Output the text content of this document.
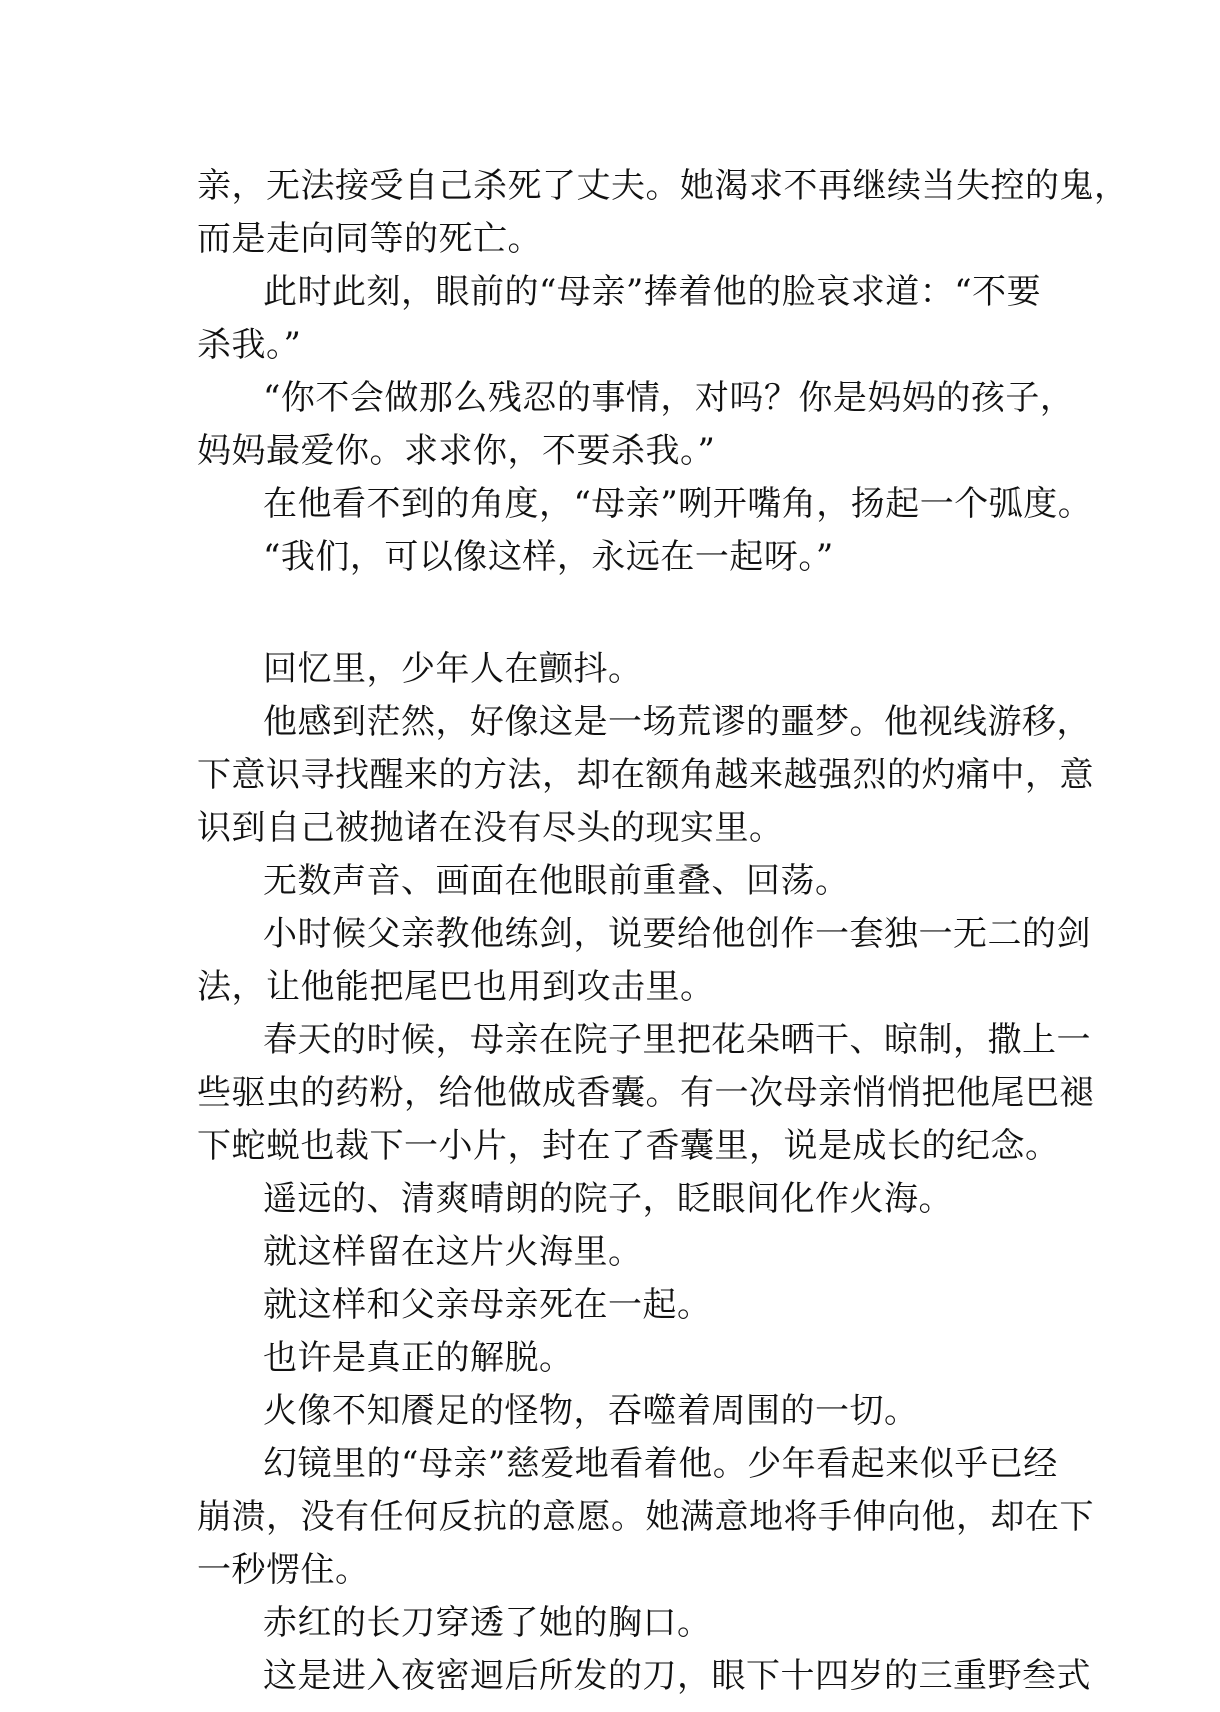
亲，无法接受自己杀死了丈夫。她渴求不再继续当失控的鬼，
而是走向同等的死亡。
此时此刻，眼前的“母亲”捧着他的脸哀求道：“不要
杀我。”
“你不会做那么残忍的事情，对吗？你是妈妈的孩子，
妈妈最爱你。求求你，不要杀我。”
在他看不到的角度，“母亲”咧开嘴角，扬起一个弧度。
“我们，可以像这样，永远在一起呀。”
回忆里，少年人在颤抖。
他感到茫然，好像这是一场荒谬的噩梦。他视线游移，
下意识寻找醒来的方法，却在额角越来越强烈的灼痛中，意
识到自己被抛诸在没有尽头的现实里。
无数声音、画面在他眼前重叠、回荡。
小时候父亲教他练剑，说要给他创作一套独一无二的剑
法，让他能把尾巴也用到攻击里。
春天的时候，母亲在院子里把花朵晒干、晾制，撒上一
些驱虫的药粉，给他做成香囊。有一次母亲悄悄把他尾巴褪
下蛇蜕也裁下一小片，封在了香囊里，说是成长的纪念。
遥远的、清爽晴朗的院子，眨眼间化作火海。
就这样留在这片火海里。
就这样和父亲母亲死在一起。
也许是真正的解脱。
火像不知餍足的怪物，吞噬着周围的一切。
幻镜里的“母亲”慈爱地看着他。少年看起来似乎已经
崩溃，没有任何反抗的意愿。她满意地将手伸向他，却在下
一秒愣住。
赤红的长刀穿透了她的胸口。
这是进入夜密迴后所发的刀，眼下十四岁的三重野叁式
